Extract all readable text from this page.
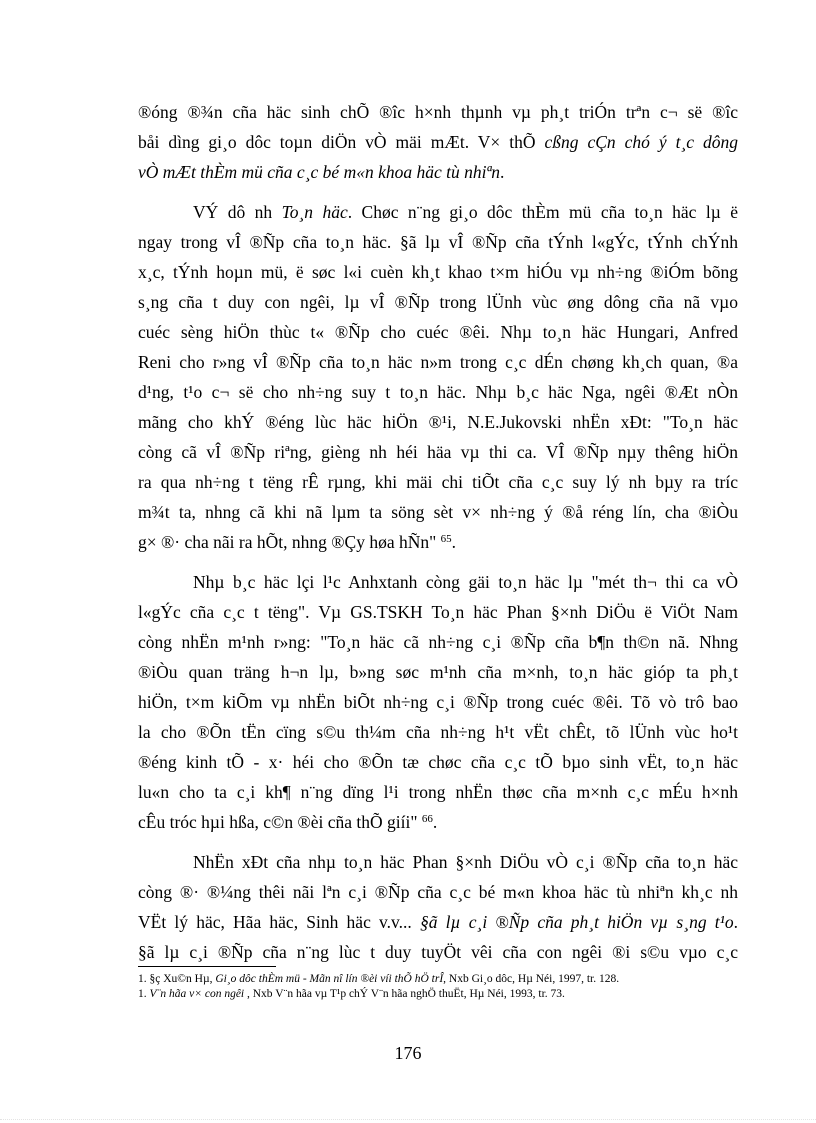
®óng ®¾n cña häc sinh chÕ ®îc h×nh thµnh vµ ph¸t triÓn trªn c¬ së ®îc
båi dìng gi¸o dôc toµn diÖn vÒ mäi mÆt. V× thÕ cßng cÇn chó ý t¸c dông
vÒ mÆt thÈm mü cña c¸c bé m«n khoa häc tù nhiªn.
VÝ dô nh To¸n häc. Chøc n¨ng gi¸o dôc thÈm mü cña to¸n häc lµ ë
ngay trong vÎ ®Ñp cña to¸n häc. §ã lµ vÎ ®Ñp cña tÝnh l«gÝc, tÝnh chÝnh
x¸c, tÝnh hoµn mü, ë søc l«i cuèn kh¸t khao t×m hiÓu vµ nh÷ng ®iÓm bõng
s¸ng cña t duy con ngêi, lµ vÎ ®Ñp trong lÜnh vùc øng dông cña nã vµo
cuéc sèng hiÖn thùc t« ®Ñp cho cuéc ®êi. Nhµ to¸n häc Hungari, Anfred
Reni cho r»ng vÎ ®Ñp cña to¸n häc n»m trong c¸c dÉn chøng kh¸ch quan, ®a
d¹ng, t¹o c¬ së cho nh÷ng suy t to¸n häc. Nhµ b¸c häc Nga, ngêi ®Æt nÒn
mãng cho khÝ ®éng lùc häc hiÖn ®¹i, N.E.Jukovski nhËn xÐt: "To¸n häc
còng cã vÎ ®Ñp riªng, gièng nh héi häa vµ thi ca. VÎ ®Ñp nµy thêng hiÖn
ra qua nh÷ng t tëng rÊ rµng, khi mäi chi tiÕt cña c¸c suy lý nh bµy ra tríc
m¾t ta, nhng cã khi nã lµm ta söng sèt v× nh÷ng ý ®å réng lín, cha ®iÒu
g× ®· cha nãi ra hÕt, nhng ®Çy høa hÑn" $^{65}$.
Nhµ b¸c häc lçi l¹c Anhxtanh còng gäi to¸n häc lµ "mét th¬ thi ca vÒ
l«gÝc cña c¸c t tëng". Vµ GS.TSKH To¸n häc Phan §×nh DiÖu ë ViÖt Nam
còng nhËn m¹nh r»ng: "To¸n häc cã nh÷ng c¸i ®Ñp cña b¶n th©n nã. Nhng
®iÒu quan träng h¬n lµ, b»ng søc m¹nh cña m×nh, to¸n häc gióp ta ph¸t
hiÖn, t×m kiÕm vµ nhËn biÕt nh÷ng c¸i ®Ñp trong cuéc ®êi. Tõ vò trô bao
la cho ®Õn tËn cïng s©u th¼m cña nh÷ng h¹t vËt chÊt, tõ lÜnh vùc ho¹t
®éng kinh tÕ - x· héi cho ®Õn tæ chøc cña c¸c tÕ bµo sinh vËt, to¸n häc
lu«n cho ta c¸i kh¶ n¨ng dïng l¹i trong nhËn thøc cña m×nh c¸c mÉu h×nh
cÊu tróc hµi hßa, c©n ®èi cña thÕ giíi" $^{66}$.
NhËn xÐt cña nhµ to¸n häc Phan §×nh DiÖu vÒ c¸i ®Ñp cña to¸n häc
còng ®· ®¼ng thêi nãi lªn c¸i ®Ñp cña c¸c bé m«n khoa häc tù nhiªn kh¸c nh
VËt lý häc, Hãa häc, Sinh häc v.v... §ã lµ c¸i ®Ñp cña ph¸t hiÖn vµ s¸ng t¹o.
§ã lµ c¸i ®Ñp cña n¨ng lùc t duy tuyÖt vêi cña con ngêi ®i s©u vµo c¸c
1. §ç Xu©n Hµ, Gi¸o dôc thÈm mü - Mãn nî lín ®èi víi thÕ hÖ trÎ, Nxb Gi¸o dôc, Hµ Néi, 1997, tr. 128.
1. V¨n hãa v× con ngêi , Nxb V¨n hãa vµ T¹p chÝ V¨n hãa nghÖ thuËt, Hµ Néi, 1993, tr. 73.
176
